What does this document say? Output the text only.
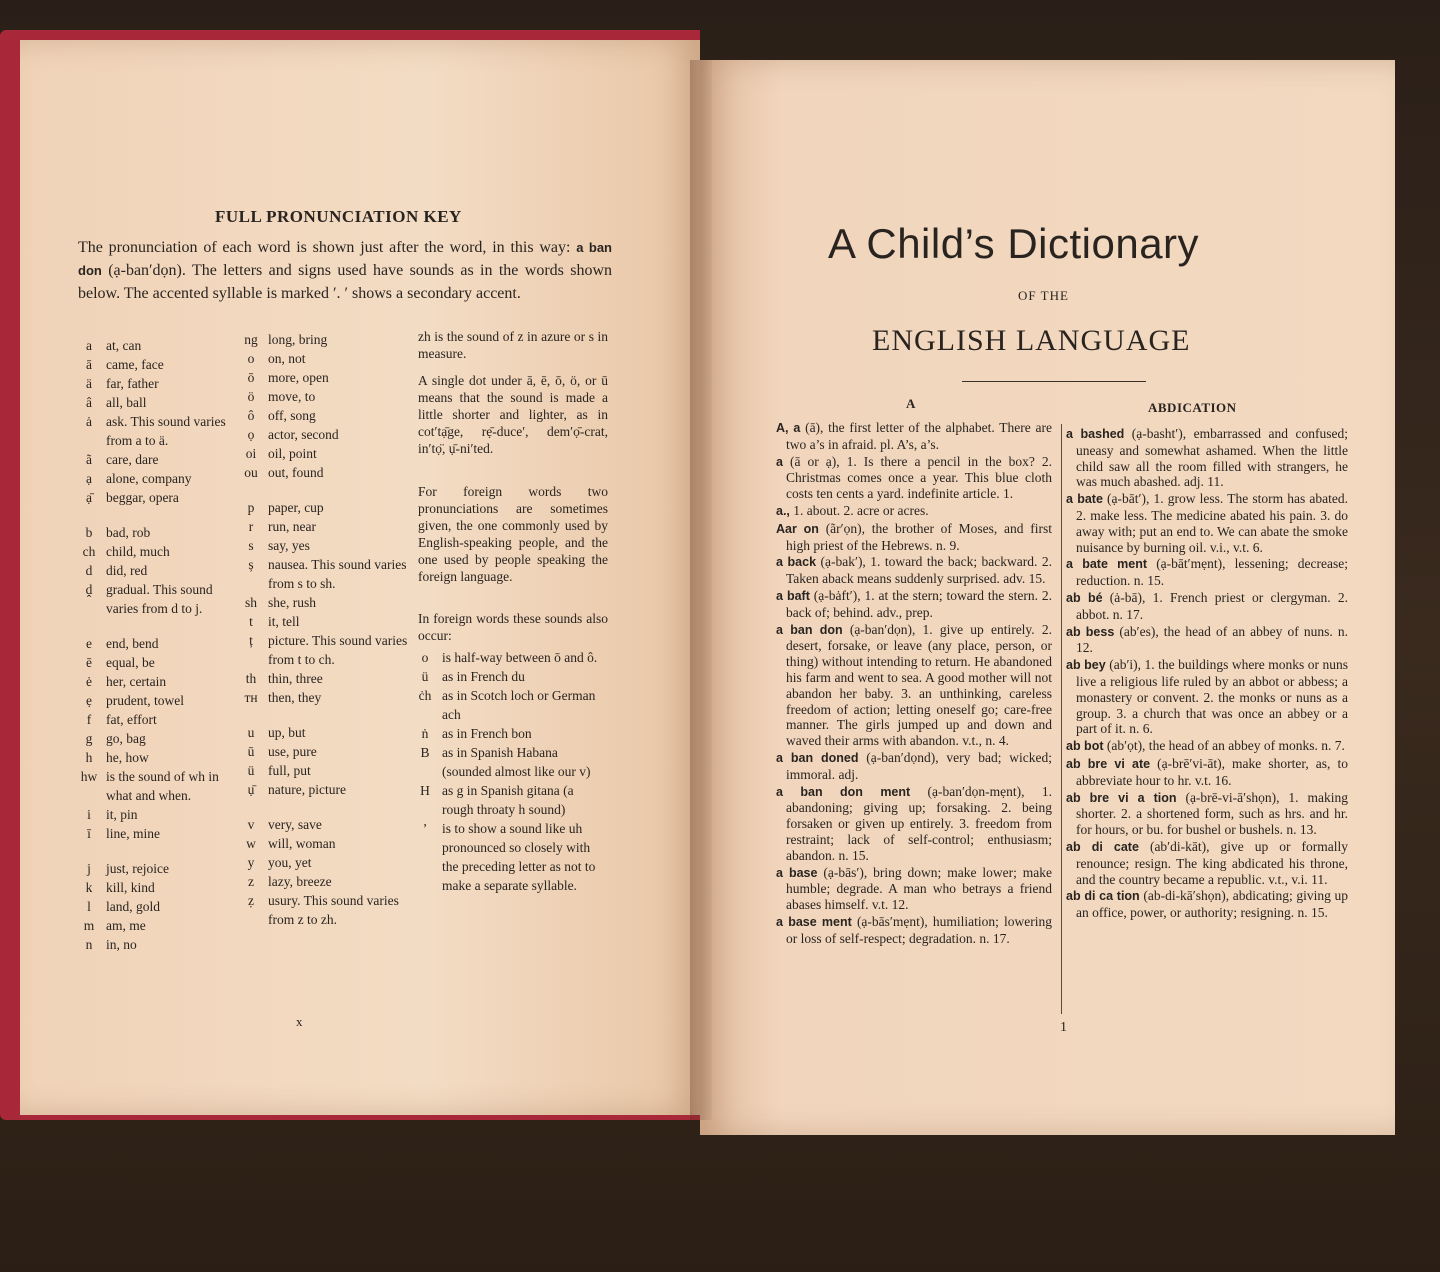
FULL PRONUNCIATION KEY
The pronunciation of each word is shown just after the word, in this way: a ban don (ạ-ban′dọn). The letters and signs used have sounds as in the words shown below. The accented syllable is marked ′. ′ shows a secondary accent.
a	at, can
ā	came, face
ä	far, father
â	all, ball
ȧ	ask. This sound varies from a to ä.
ã	care, dare
ạ	alone, company
ạ̄	beggar, opera
b	bad, rob
ch child, much
d	did, red
ḓ	gradual. This sound varies from d to j.
e	end, bend
ē	equal, be
ė	her, certain
ẹ	prudent, towel
f	fat, effort
g	go, bag
h	he, how
hw is the sound of wh in what and when.
i	it, pin
ī	line, mine
j	just, rejoice
k	kill, kind
l	land, gold
m am, me
n	in, no
ng long, bring
o	on, not
ō	more, open
ö	move, to
ô	off, song
ọ	actor, second
oi oil, point
ou out, found
p	paper, cup
r	run, near
s	say, yes
ș	nausea. This sound varies from s to sh.
sh she, rush
t	it, tell
ț	picture. This sound varies from t to ch.
th thin, three
ᴛʜ then, they
u	up, but
ū	use, pure
ü	full, put
ụ̄	nature, picture
v	very, save
w will, woman
y	you, yet
z	lazy, breeze
ẓ	usury. This sound varies from z to zh.
zh is the sound of z in azure or s in measure.
A single dot under ā, ē, ō, ö, or ū means that the sound is made a little shorter and lighter, as in cot′tạ̄ge, rẹ̄-duce′, dem′ọ̄-crat, in′tọ̈, ụ̄-ni′ted.
For foreign words two pronunciations are sometimes given, the one commonly used by English-speaking people, and the one used by people speaking the foreign language.
In foreign words these sounds also occur:
o	is half-way between ō and ô.
ü	as in French du
ċh as in Scotch loch or German ach
ṅ	as in French bon
B as in Spanish Habana (sounded almost like our v)
H as g in Spanish gitana (a rough throaty h sound)
’	is to show a sound like uh pronounced so closely with the preceding letter as not to make a separate syllable.
x
A Child’s Dictionary
OF THE
ENGLISH LANGUAGE
A	ABDICATION
A, a (ā), the first letter of the alphabet. There are two a’s in afraid. pl. A’s, a’s.
a (ā or ạ), 1. Is there a pencil in the box? 2. Christmas comes once a year. This blue cloth costs ten cents a yard. indefinite article. 1.
a., 1. about. 2. acre or acres.
Aar on (ãr′ọn), the brother of Moses, and first high priest of the Hebrews. n. 9.
a back (ạ-bak′), 1. toward the back; backward. 2. Taken aback means suddenly surprised. adv. 15.
a baft (ạ-bȧft′), 1. at the stern; toward the stern. 2. back of; behind. adv., prep.
a ban don (ạ-ban′dọn), 1. give up entirely. 2. desert, forsake, or leave (any place, person, or thing) without intending to return. He abandoned his farm and went to sea. A good mother will not abandon her baby. 3. an unthinking, careless freedom of action; letting oneself go; care-free manner. The girls jumped up and down and waved their arms with abandon. v.t., n. 4.
a ban doned (ạ-ban′dọnd), very bad; wicked; immoral. adj.
a ban don ment (ạ-ban′dọn-mẹnt), 1. abandoning; giving up; forsaking. 2. being forsaken or given up entirely. 3. freedom from restraint; lack of self-control; enthusiasm; abandon. n. 15.
a base (ạ-bās′), bring down; make lower; make humble; degrade. A man who betrays a friend abases himself. v.t. 12.
a base ment (ạ-bās′mẹnt), humiliation; lowering or loss of self-respect; degradation. n. 17.
a bashed (ạ-basht′), embarrassed and confused; uneasy and somewhat ashamed. When the little child saw all the room filled with strangers, he was much abashed. adj. 11.
a bate (ạ-bāt′), 1. grow less. The storm has abated. 2. make less. The medicine abated his pain. 3. do away with; put an end to. We can abate the smoke nuisance by burning oil. v.i., v.t. 6.
a bate ment (ạ-bāt′mẹnt), lessening; decrease; reduction. n. 15.
ab bé (ȧ-bā), 1. French priest or clergyman. 2. abbot. n. 17.
ab bess (ab′es), the head of an abbey of nuns. n. 12.
ab bey (ab′i), 1. the buildings where monks or nuns live a religious life ruled by an abbot or abbess; a monastery or convent. 2. the monks or nuns as a group. 3. a church that was once an abbey or a part of it. n. 6.
ab bot (ab′ọt), the head of an abbey of monks. n. 7.
ab bre vi ate (ạ-brē′vi-āt), make shorter, as, to abbreviate hour to hr. v.t. 16.
ab bre vi a tion (ạ-brē-vi-ā′shọn), 1. making shorter. 2. a shortened form, such as hrs. and hr. for hours, or bu. for bushel or bushels. n. 13.
ab di cate (ab′di-kāt), give up or formally renounce; resign. The king abdicated his throne, and the country became a republic. v.t., v.i. 11.
ab di ca tion (ab-di-kā′shọn), abdicating; giving up an office, power, or authority; resigning. n. 15.
1
